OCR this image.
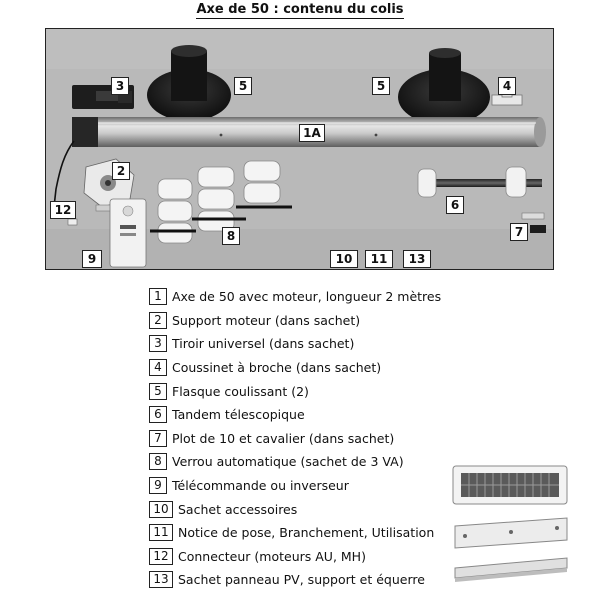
Axe de 50 : contenu du colis
3	5	5	4
1A
2
12	6
8	7
9	10	11	13
1 Axe de 50 avec moteur, longueur 2 mètres
2 Support moteur (dans sachet)
3 Tiroir universel (dans sachet)
4 Coussinet à broche (dans sachet)
5 Flasque coulissant (2)
6 Tandem télescopique
7 Plot de 10 et cavalier (dans sachet)
8 Verrou automatique (sachet de 3 VA)
9 Télécommande ou inverseur
10 Sachet accessoires
11 Notice de pose, Branchement, Utilisation
12 Connecteur (moteurs AU, MH)
13 Sachet panneau PV, support et équerre
